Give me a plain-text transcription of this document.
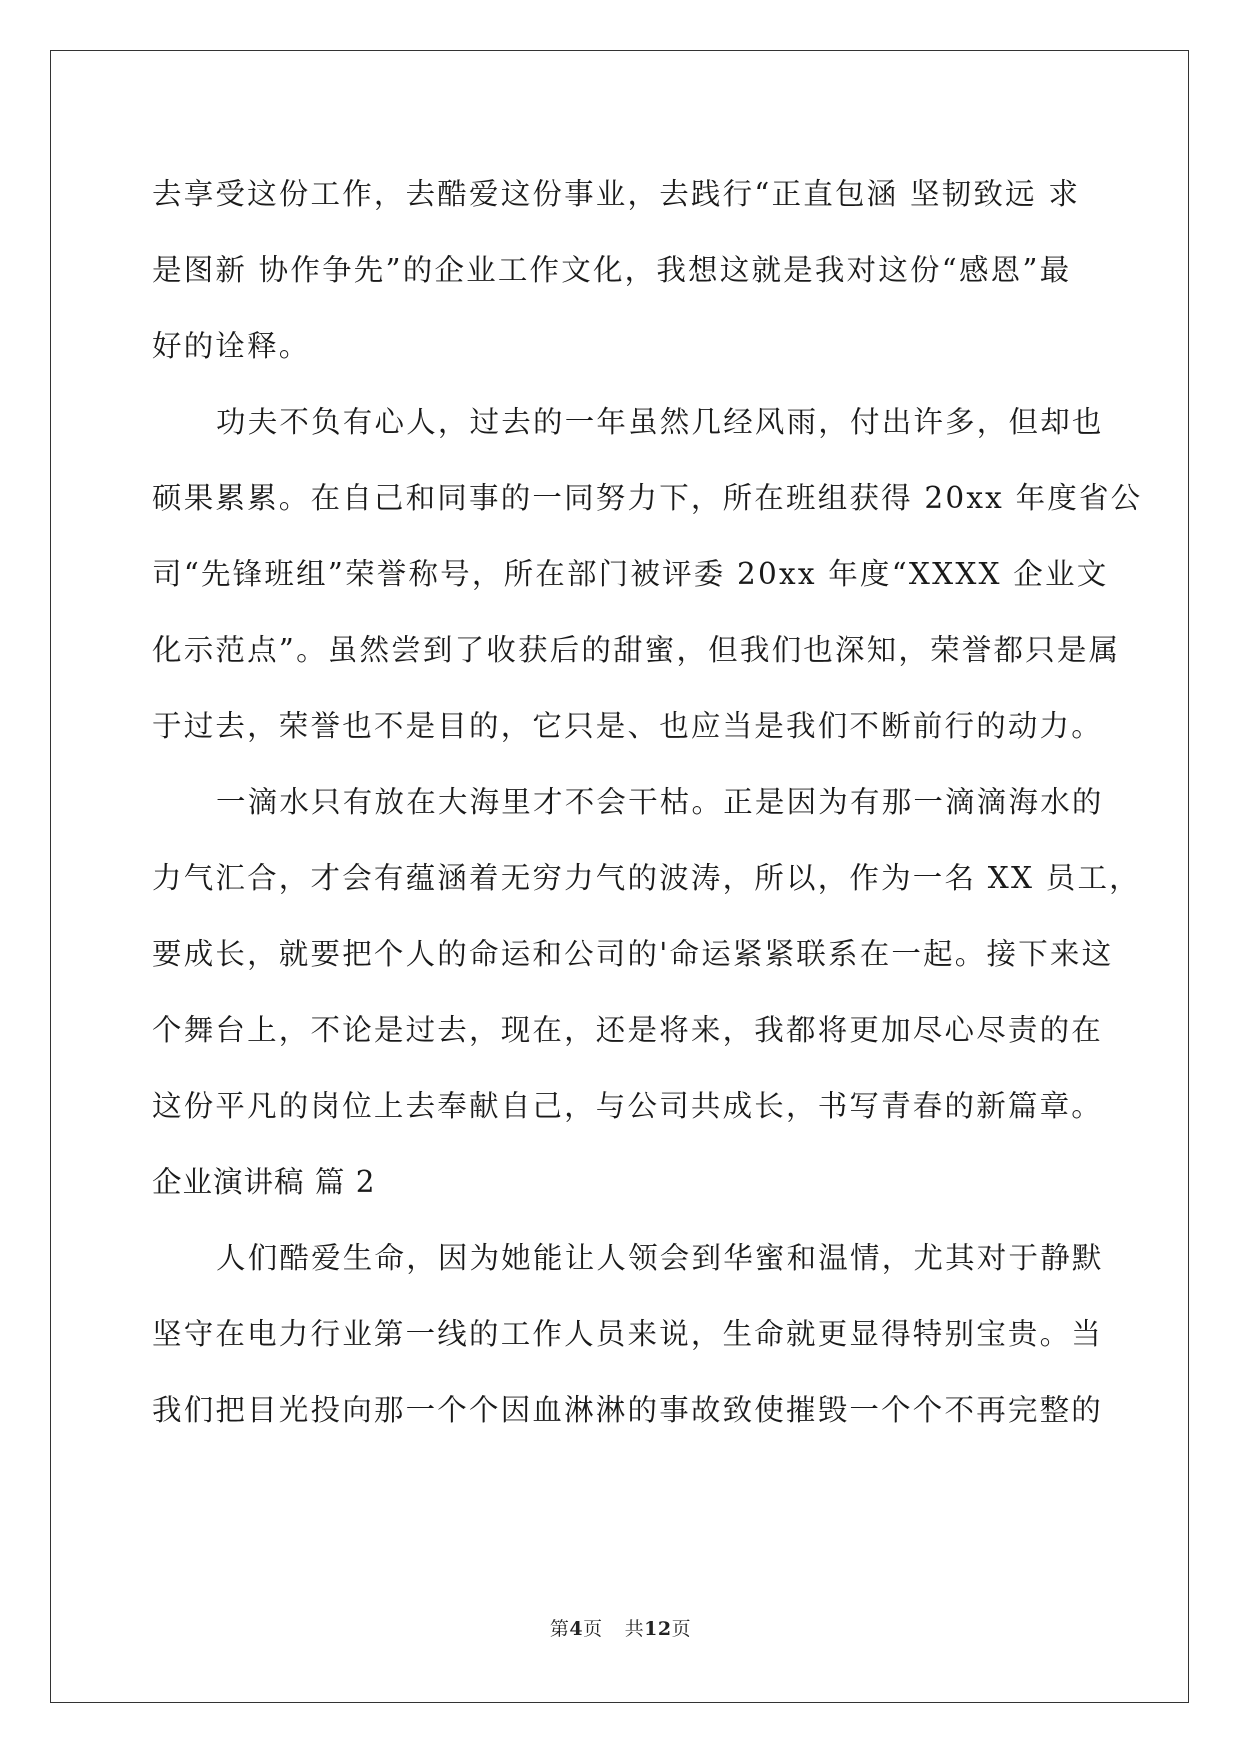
去享受这份工作，去酷爱这份事业，去践行“正直包涵 坚韧致远 求
是图新 协作争先”的企业工作文化，我想这就是我对这份“感恩”最
好的诠释。
功夫不负有心人，过去的一年虽然几经风雨，付出许多，但却也
硕果累累。在自己和同事的一同努力下，所在班组获得 20xx 年度省公
司“先锋班组”荣誉称号，所在部门被评委 20xx 年度“XXXX 企业文
化示范点”。虽然尝到了收获后的甜蜜，但我们也深知，荣誉都只是属
于过去，荣誉也不是目的，它只是、也应当是我们不断前行的动力。
一滴水只有放在大海里才不会干枯。正是因为有那一滴滴海水的
力气汇合，才会有蕴涵着无穷力气的波涛，所以，作为一名 XX 员工，
要成长，就要把个人的命运和公司的'命运紧紧联系在一起。接下来这
个舞台上，不论是过去，现在，还是将来，我都将更加尽心尽责的在
这份平凡的岗位上去奉献自己，与公司共成长，书写青春的新篇章。
企业演讲稿 篇 2
人们酷爱生命，因为她能让人领会到华蜜和温情，尤其对于静默
坚守在电力行业第一线的工作人员来说，生命就更显得特别宝贵。当
我们把目光投向那一个个因血淋淋的事故致使摧毁一个个不再完整的
第4页 共12页
